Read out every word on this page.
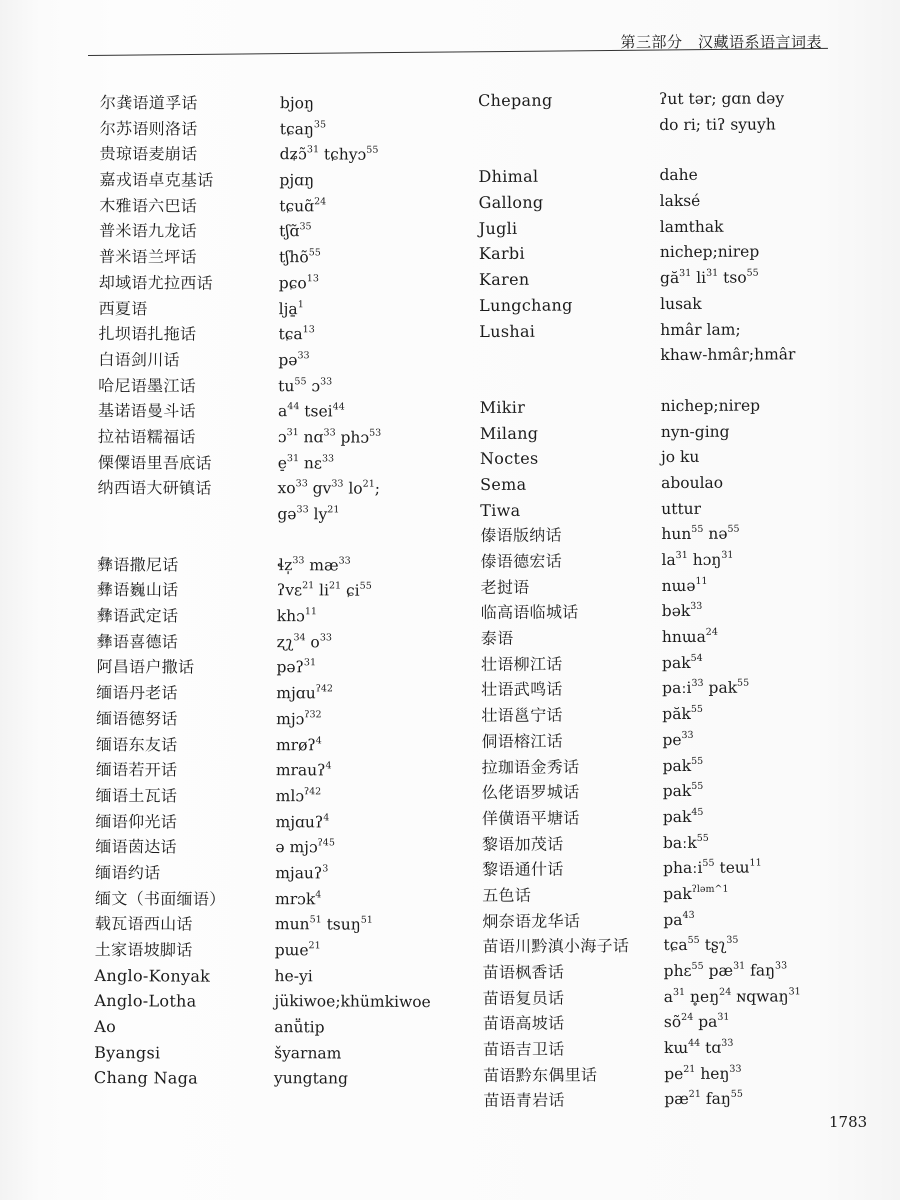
第三部分　汉藏语系语言词表
尔龚语道孚话	bjoŋ
尔苏语则洛话	tɕaŋ$^{35}$
贵琼语麦崩话	dʑɔ̃$^{31}$ tɕhyɔ$^{55}$
嘉戎语卓克基话	pjɑŋ
木雅语六巴话	tɕuɑ̃$^{24}$
普米语九龙话	tʃɑ̃$^{35}$
普米语兰坪话	tʃhõ$^{55}$
却域语尤拉西话	pɕo$^{13}$
西夏语	lja̱$^1$
扎坝语扎拖话	tɕa$^{13}$
白语剑川话	pə$^{33}$
哈尼语墨江话	$tu^{55}$ ɔ$^{33}$
基诺语曼斗话	$a^{44}$ tsei$^{44}$
拉祜语糯福话	ɔ$^{31}$ nɑ$^{33}$ phɔ$^{53}$
傈僳语里吾底话	e̠$^{31}$ nɛ$^{33}$
纳西语大研镇话	$xo^{33}$ $gv^{33}$ $lo^{21}$;
gə$^{33}$ $ly^{21}$
彝语撒尼话	ɬz̩$^{33}$ $mæ^{33}$
彝语巍山话	ʔvɛ$^{21}$ $li^{21}$ ɕi$^{55}$
彝语武定话	khɔ$^{11}$
彝语喜德话	ʐʅ$^{34}$ $o^{33}$
阿昌语户撒话	pəʔ$^{31}$
缅语丹老话	mjɑu$^{ʔ42}$
缅语德努话	mjɔ$^{ʔ32}$
缅语东友话	mrøʔ$^4$
缅语若开话	mrauʔ$^4$
缅语土瓦话	mlɔ$^{ʔ42}$
缅语仰光话	mjɑuʔ$^4$
缅语茵达话	ə mjɔ$^{ʔ45}$
缅语约话	mjauʔ$^3$
缅文（书面缅语）	mrɔk$^4$
载瓦语西山话	mun$^{51}$ tsuŋ$^{51}$
土家语坡脚话	pɯe$^{21}$
Anglo-Konyak	he-yi
Anglo-Lotha	jükiwoe;khümkiwoe
Ao	anṻtip
Byangsi	šyarnam
Chang Naga	yungtang
Chepang	ʔut tər; gɑn dəy
do ri; tiʔ syuyh
Dhimal	dahe
Gallong	laksé
Jugli	lamthak
Karbi	nichep;nirep
Karen	$gă^{31}$ $li^{31}$ tso$^{55}$
Lungchang	lusak
Lushai	hmâr lam;
khaw-hmâr;hmâr
Mikir	nichep;nirep
Milang	nyn-ging
Noctes	jo ku
Sema	aboulao
Tiwa	uttur
傣语版纳话	hun$^{55}$ nə$^{55}$
傣语德宏话	$la^{31}$ hɔŋ$^{31}$
老挝语	nɯə$^{11}$
临高语临城话	bək$^{33}$
泰语	hnɯa$^{24}$
壮语柳江话	pak$^{54}$
壮语武鸣话	paːi$^{33}$ pak$^{55}$
壮语邕宁话	păk$^{55}$
侗语榕江话	$pe^{33}$
拉珈语金秀话	pak$^{55}$
仫佬语罗城话	pak$^{55}$
佯僙语平塘话	pak$^{45}$
黎语加茂话	baːk$^{55}$
黎语通什话	phaːi$^{55}$ teɯ$^{11}$
五色话	pak$^{ʔləm\^{}1}$
炯奈语龙华话	$pa^{43}$
苗语川黔滇小海子话 tɕa$^{55}$ tʂʅ$^{35}$
苗语枫香话	phɛ$^{55}$ $pæ^{31}$ faŋ$^{33}$
苗语复员话	$a^{31}$ $n̥eŋ^{24}$ ɴqwaŋ$^{31}$
苗语高坡话	$sõ^{24}$ $pa^{31}$
苗语吉卫话	kɯ$^{44}$ tɑ$^{33}$
苗语黔东偶里话	$pe^{21}$ heŋ$^{33}$
苗语青岩话	$pæ^{21}$ faŋ$^{55}$
1783
